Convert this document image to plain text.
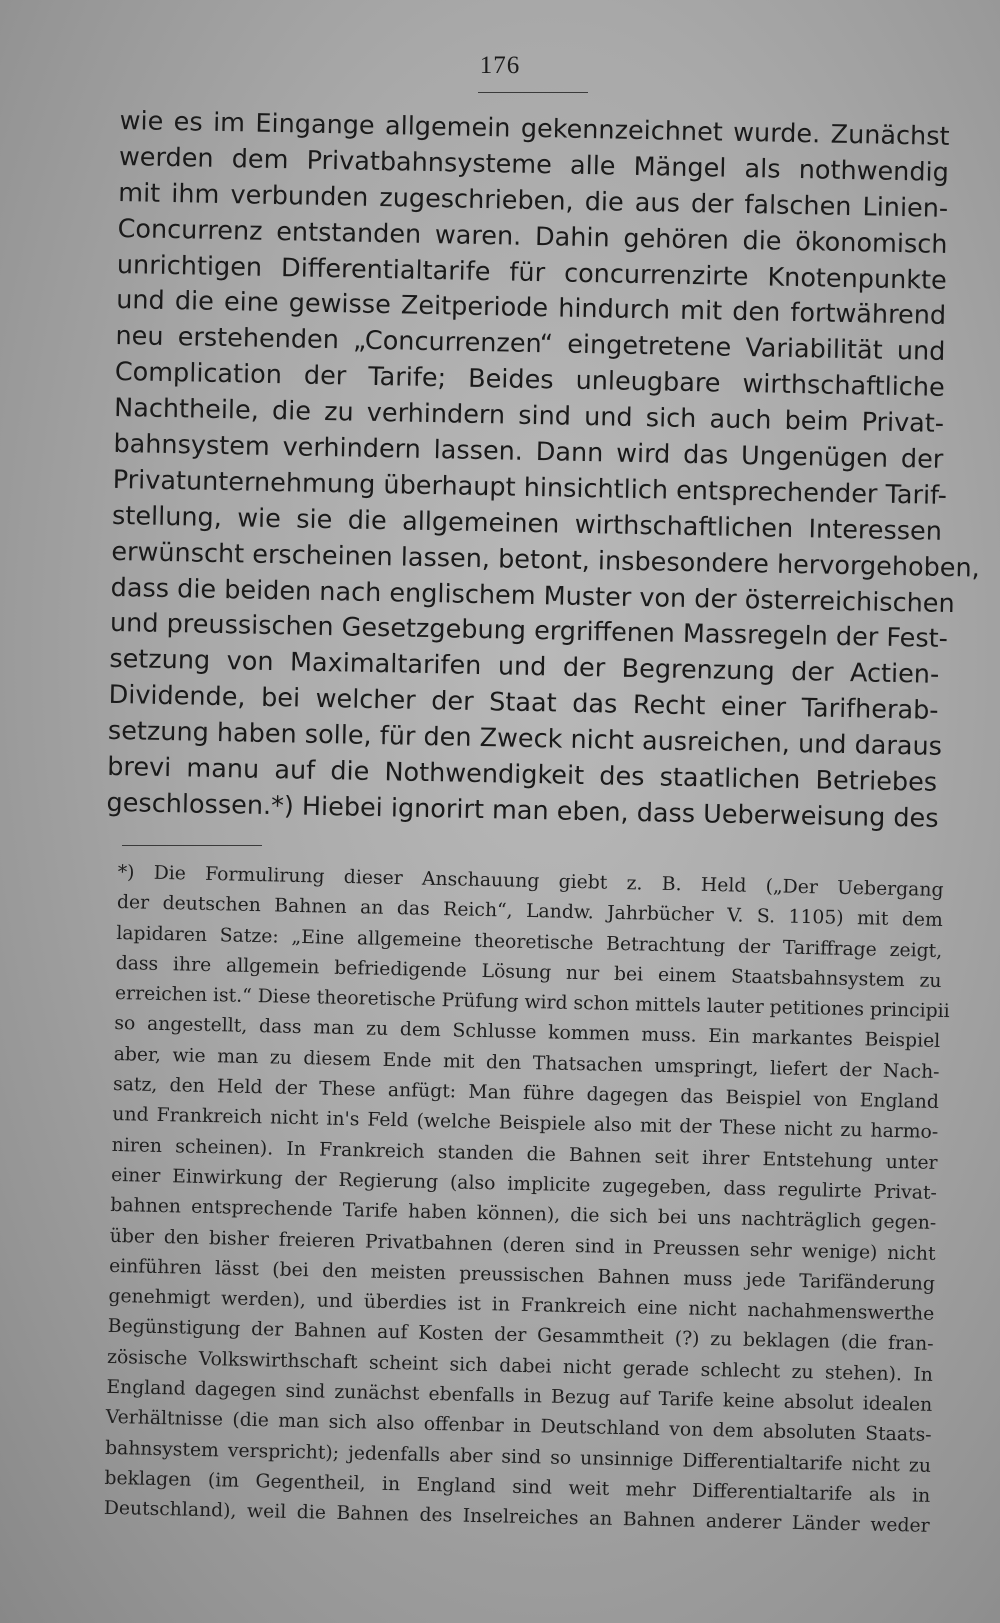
176
wie es im Eingange allgemein gekennzeichnet wurde. Zunächst
werden dem Privatbahnsysteme alle Mängel als nothwendig
mit ihm verbunden zugeschrieben, die aus der falschen Linien-
Concurrenz entstanden waren. Dahin gehören die ökonomisch
unrichtigen Differentialtarife für concurrenzirte Knotenpunkte
und die eine gewisse Zeitperiode hindurch mit den fortwährend
neu erstehenden „Concurrenzen“ eingetretene Variabilität und
Complication der Tarife; Beides unleugbare wirthschaftliche
Nachtheile, die zu verhindern sind und sich auch beim Privat-
bahnsystem verhindern lassen. Dann wird das Ungenügen der
Privatunternehmung überhaupt hinsichtlich entsprechender Tarif-
stellung, wie sie die allgemeinen wirthschaftlichen Interessen
erwünscht erscheinen lassen, betont, insbesondere hervorgehoben,
dass die beiden nach englischem Muster von der österreichischen
und preussischen Gesetzgebung ergriffenen Massregeln der Fest-
setzung von Maximaltarifen und der Begrenzung der Actien-
Dividende, bei welcher der Staat das Recht einer Tarifherab-
setzung haben solle, für den Zweck nicht ausreichen, und daraus
brevi manu auf die Nothwendigkeit des staatlichen Betriebes
geschlossen.*) Hiebei ignorirt man eben, dass Ueberweisung des
*) Die Formulirung dieser Anschauung giebt z. B. Held („Der Uebergang
der deutschen Bahnen an das Reich“, Landw. Jahrbücher V. S. 1105) mit dem
lapidaren Satze: „Eine allgemeine theoretische Betrachtung der Tariffrage zeigt,
dass ihre allgemein befriedigende Lösung nur bei einem Staatsbahnsystem zu
erreichen ist.“ Diese theoretische Prüfung wird schon mittels lauter petitiones principii
so angestellt, dass man zu dem Schlusse kommen muss. Ein markantes Beispiel
aber, wie man zu diesem Ende mit den Thatsachen umspringt, liefert der Nach-
satz, den Held der These anfügt: Man führe dagegen das Beispiel von England
und Frankreich nicht in's Feld (welche Beispiele also mit der These nicht zu harmo-
niren scheinen). In Frankreich standen die Bahnen seit ihrer Entstehung unter
einer Einwirkung der Regierung (also implicite zugegeben, dass regulirte Privat-
bahnen entsprechende Tarife haben können), die sich bei uns nachträglich gegen-
über den bisher freieren Privatbahnen (deren sind in Preussen sehr wenige) nicht
einführen lässt (bei den meisten preussischen Bahnen muss jede Tarifänderung
genehmigt werden), und überdies ist in Frankreich eine nicht nachahmenswerthe
Begünstigung der Bahnen auf Kosten der Gesammtheit (?) zu beklagen (die fran-
zösische Volkswirthschaft scheint sich dabei nicht gerade schlecht zu stehen). In
England dagegen sind zunächst ebenfalls in Bezug auf Tarife keine absolut idealen
Verhältnisse (die man sich also offenbar in Deutschland von dem absoluten Staats-
bahnsystem verspricht); jedenfalls aber sind so unsinnige Differentialtarife nicht zu
beklagen (im Gegentheil, in England sind weit mehr Differentialtarife als in
Deutschland), weil die Bahnen des Inselreiches an Bahnen anderer Länder weder
